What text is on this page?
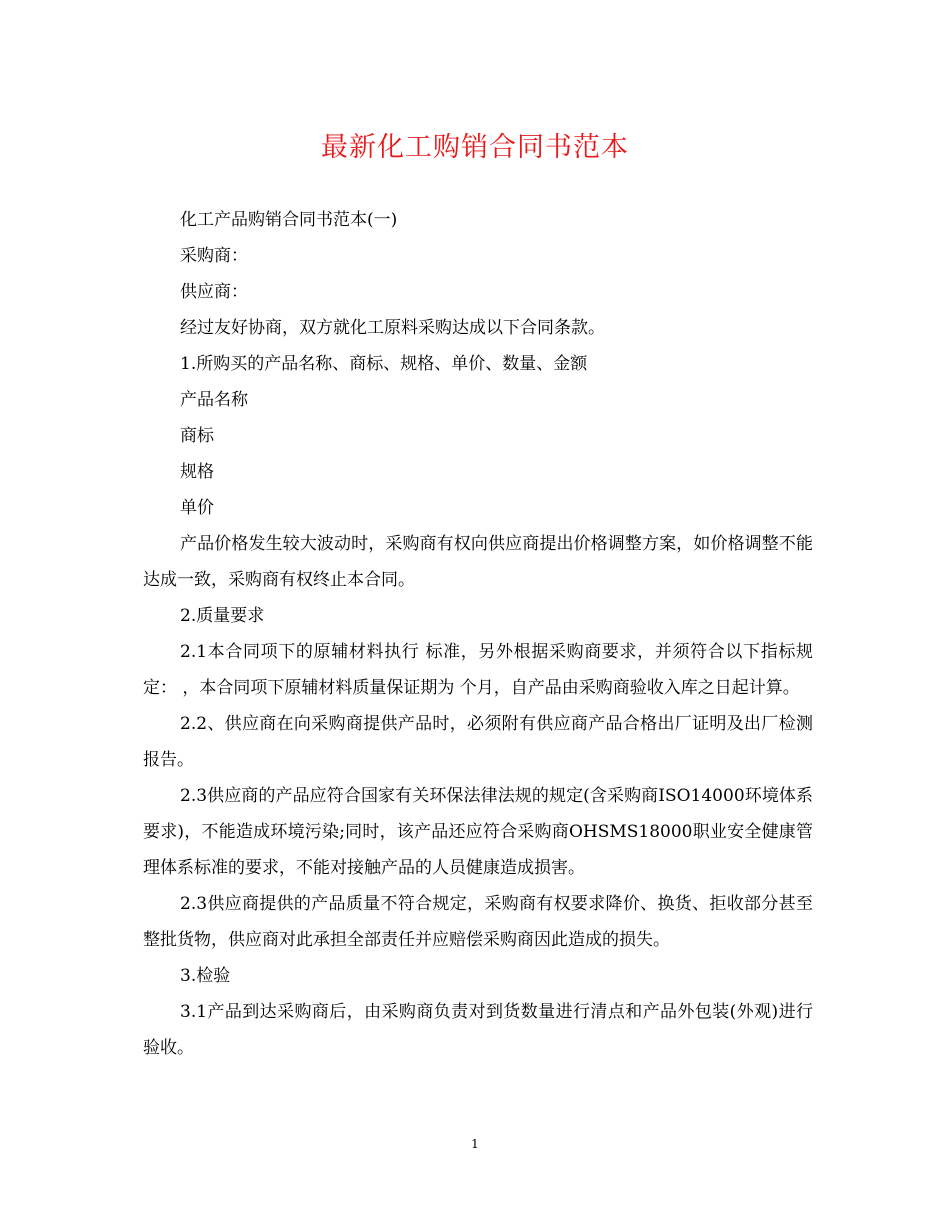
最新化工购销合同书范本

化工产品购销合同书范本(一)

采购商：

供应商：

经过友好协商，双方就化工原料采购达成以下合同条款。

1.所购买的产品名称、商标、规格、单价、数量、金额

产品名称

商标

规格

单价

产品价格发生较大波动时，采购商有权向供应商提出价格调整方案，如价格调整不能达成一致，采购商有权终止本合同。

2.质量要求

2.1本合同项下的原辅材料执行 标准，另外根据采购商要求，并须符合以下指标规定： ，本合同项下原辅材料质量保证期为 个月，自产品由采购商验收入库之日起计算。

2.2、供应商在向采购商提供产品时，必须附有供应商产品合格出厂证明及出厂检测报告。

2.3供应商的产品应符合国家有关环保法律法规的规定(含采购商ISO14000环境体系要求)，不能造成环境污染;同时，该产品还应符合采购商OHSMS18000职业安全健康管理体系标准的要求，不能对接触产品的人员健康造成损害。

2.3供应商提供的产品质量不符合规定，采购商有权要求降价、换货、拒收部分甚至整批货物，供应商对此承担全部责任并应赔偿采购商因此造成的损失。

3.检验

3.1产品到达采购商后，由采购商负责对到货数量进行清点和产品外包装(外观)进行验收。

1
